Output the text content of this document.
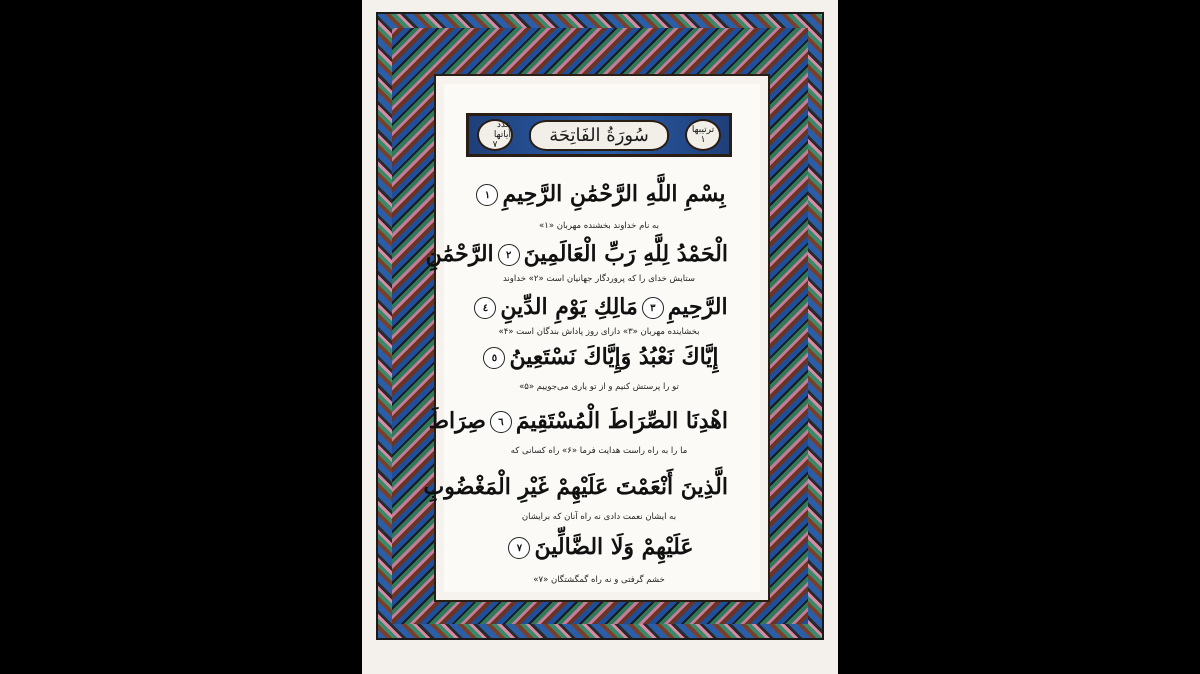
عدد آیاتها
٧	سُورَةُ الفَاتِحَة	ترتیبها
١
بِسْمِ اللَّهِ الرَّحْمَٰنِ الرَّحِيمِ١
به نام خداوند بخشنده مهربان «۱»
الْحَمْدُ لِلَّهِ رَبِّ الْعَالَمِينَ٢الرَّحْمَٰنِ
ستایش خدای را که پروردگار جهانیان است «۲» خداوند
الرَّحِيمِ٣مَالِكِ يَوْمِ الدِّينِ٤
بخشاینده مهربان «۳» دارای روز پاداش بندگان است «۴»
إِيَّاكَ نَعْبُدُ وَإِيَّاكَ نَسْتَعِينُ٥
تو را پرستش کنیم و از تو یاری می‌جوییم «۵»
اهْدِنَا الصِّرَاطَ الْمُسْتَقِيمَ٦صِرَاطَ
ما را به راه راست هدایت فرما «۶» راه کسانی که
الَّذِينَ أَنْعَمْتَ عَلَيْهِمْ غَيْرِ الْمَغْضُوبِ
به ایشان نعمت دادی نه راه آنان که برایشان
عَلَيْهِمْ وَلَا الضَّالِّينَ٧
خشم گرفتی و نه راه گمگشتگان «۷»
